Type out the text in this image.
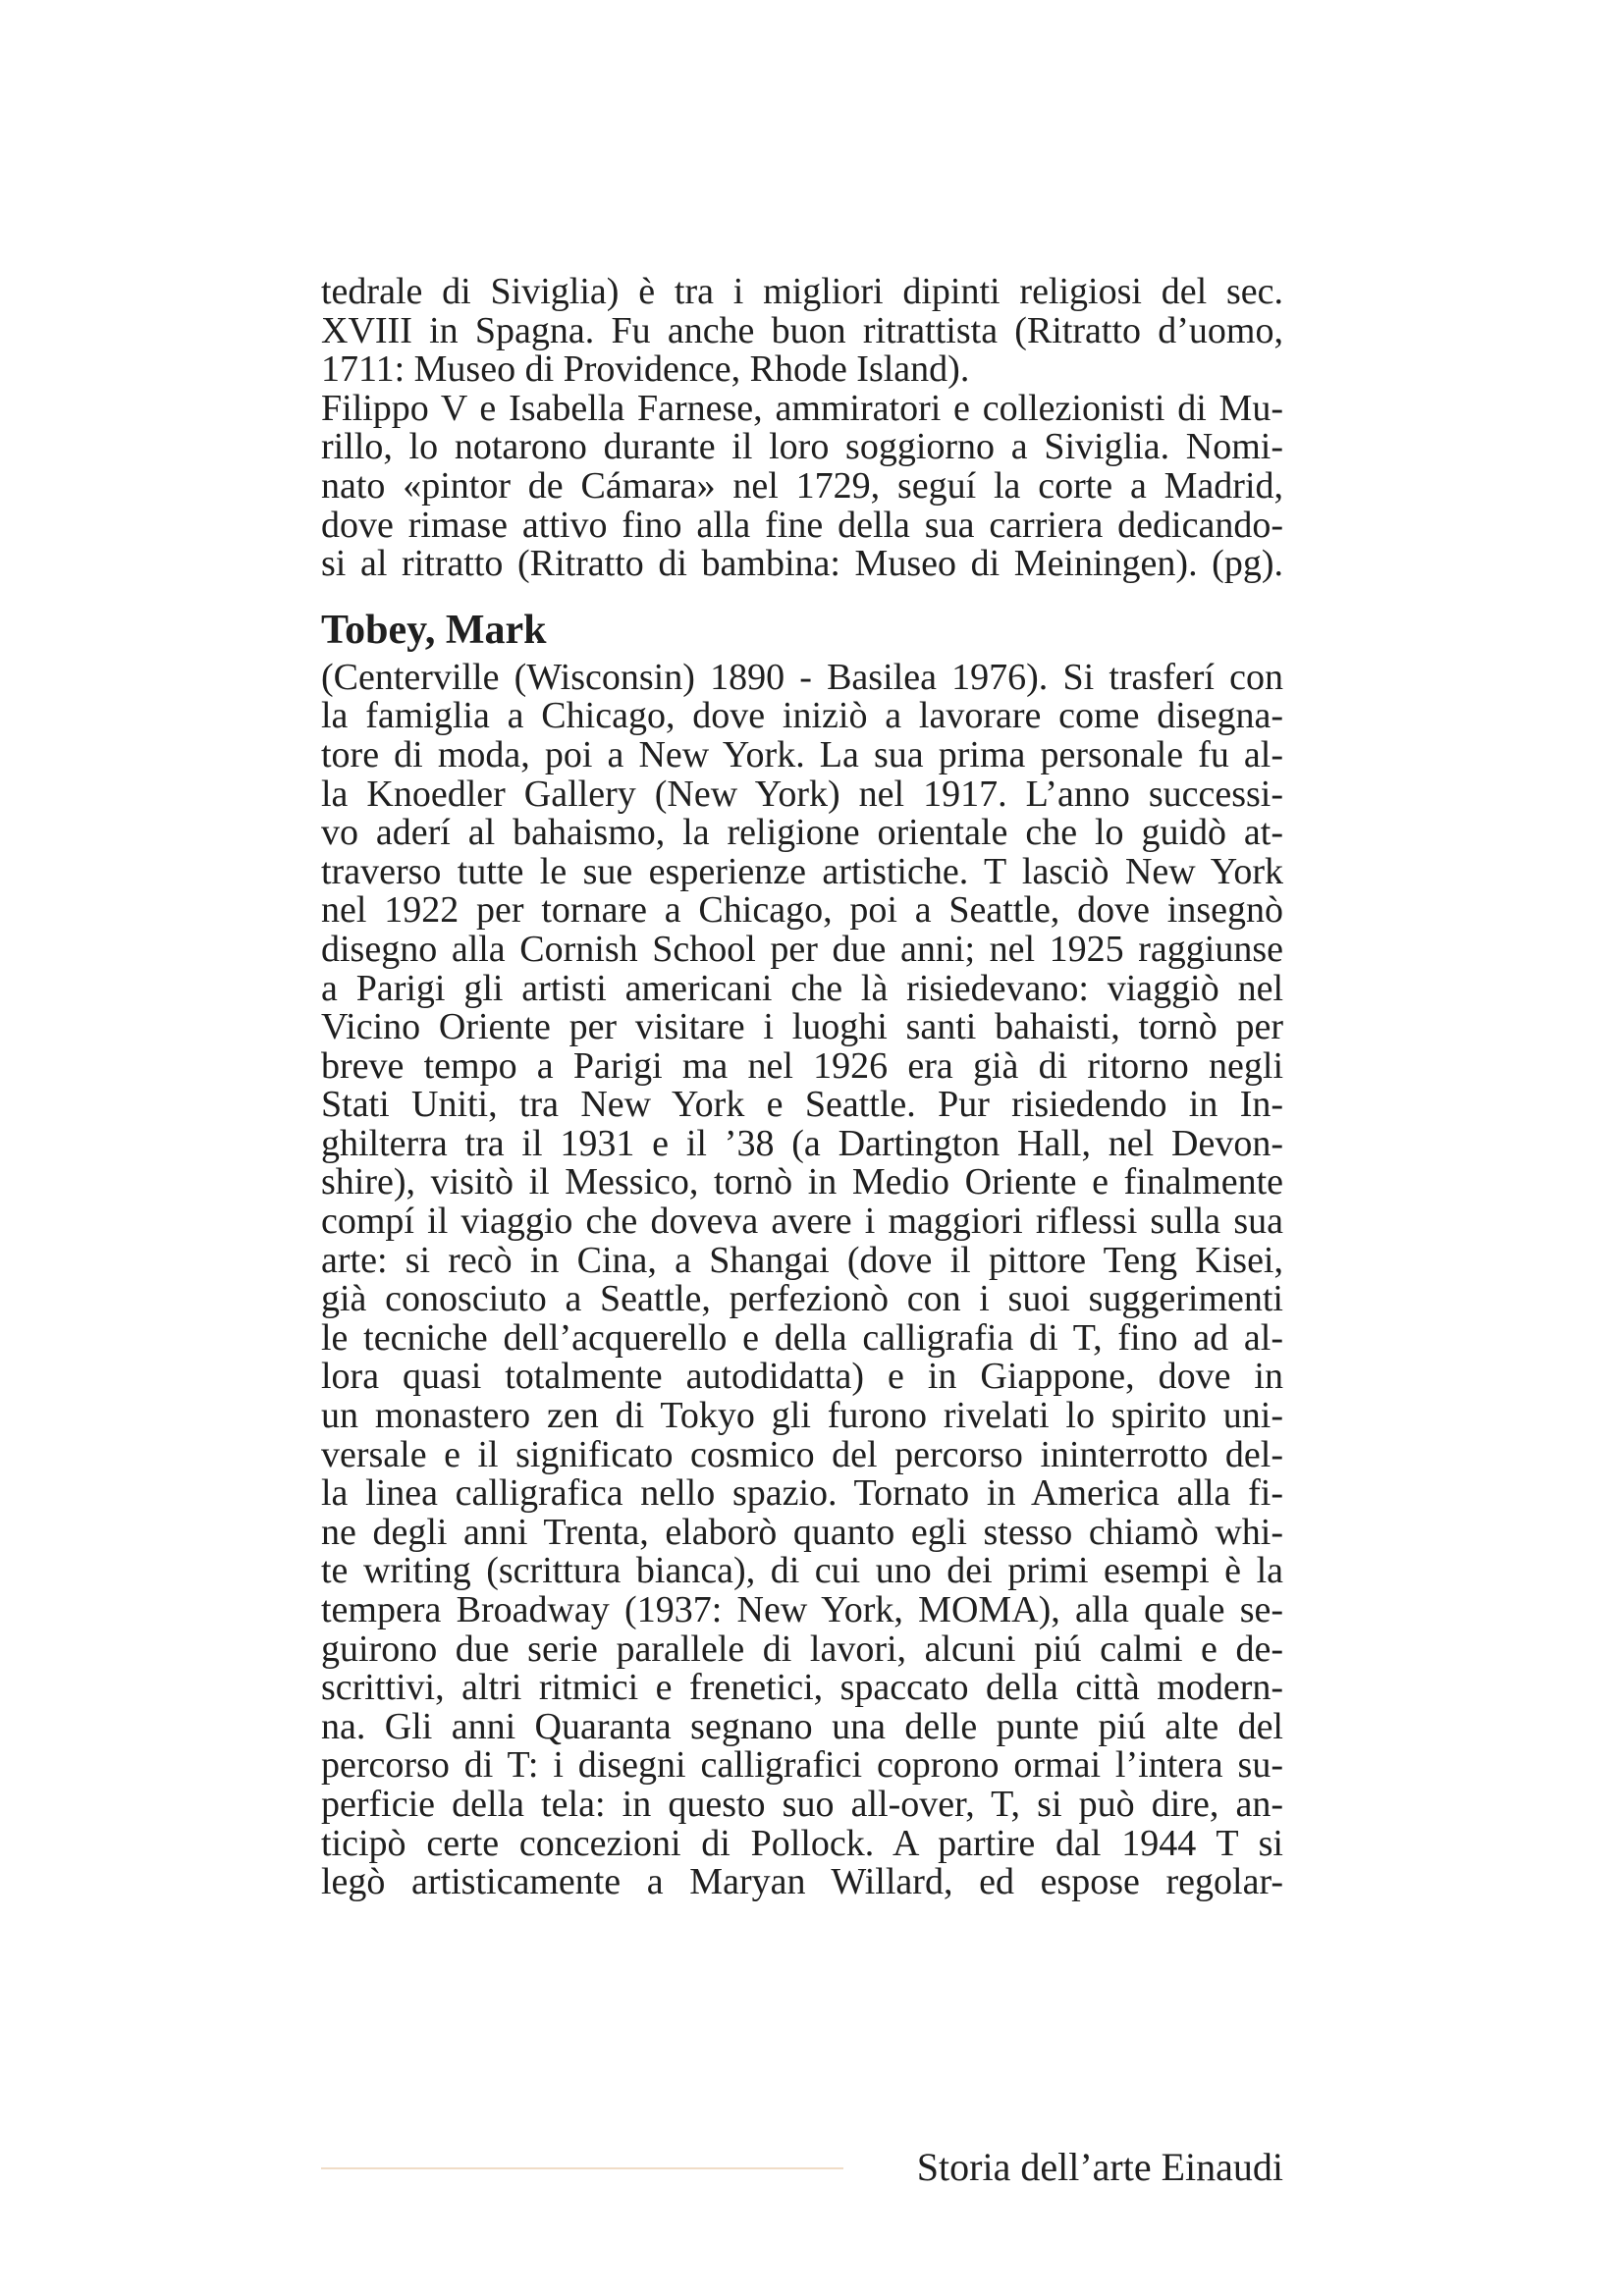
tedrale di Siviglia) è tra i migliori dipinti religiosi del sec.
XVIII in Spagna. Fu anche buon ritrattista (Ritratto d’uomo,
1711: Museo di Providence, Rhode Island).
Filippo V e Isabella Farnese, ammiratori e collezionisti di Mu-
rillo, lo notarono durante il loro soggiorno a Siviglia. Nomi-
nato «pintor de Cámara» nel 1729, seguí la corte a Madrid,
dove rimase attivo fino alla fine della sua carriera dedicando-
si al ritratto (Ritratto di bambina: Museo di Meiningen). (pg).
Tobey, Mark
(Centerville (Wisconsin) 1890 - Basilea 1976). Si trasferí con
la famiglia a Chicago, dove iniziò a lavorare come disegna-
tore di moda, poi a New York. La sua prima personale fu al-
la Knoedler Gallery (New York) nel 1917. L’anno successi-
vo aderí al bahaismo, la religione orientale che lo guidò at-
traverso tutte le sue esperienze artistiche. T lasciò New York
nel 1922 per tornare a Chicago, poi a Seattle, dove insegnò
disegno alla Cornish School per due anni; nel 1925 raggiunse
a Parigi gli artisti americani che là risiedevano: viaggiò nel
Vicino Oriente per visitare i luoghi santi bahaisti, tornò per
breve tempo a Parigi ma nel 1926 era già di ritorno negli
Stati Uniti, tra New York e Seattle. Pur risiedendo in In-
ghilterra tra il 1931 e il ’38 (a Dartington Hall, nel Devon-
shire), visitò il Messico, tornò in Medio Oriente e finalmente
compí il viaggio che doveva avere i maggiori riflessi sulla sua
arte: si recò in Cina, a Shangai (dove il pittore Teng Kisei,
già conosciuto a Seattle, perfezionò con i suoi suggerimenti
le tecniche dell’acquerello e della calligrafia di T, fino ad al-
lora quasi totalmente autodidatta) e in Giappone, dove in
un monastero zen di Tokyo gli furono rivelati lo spirito uni-
versale e il significato cosmico del percorso ininterrotto del-
la linea calligrafica nello spazio. Tornato in America alla fi-
ne degli anni Trenta, elaborò quanto egli stesso chiamò whi-
te writing (scrittura bianca), di cui uno dei primi esempi è la
tempera Broadway (1937: New York, MOMA), alla quale se-
guirono due serie parallele di lavori, alcuni piú calmi e de-
scrittivi, altri ritmici e frenetici, spaccato della città modern-
na. Gli anni Quaranta segnano una delle punte piú alte del
percorso di T: i disegni calligrafici coprono ormai l’intera su-
perficie della tela: in questo suo all-over, T, si può dire, an-
ticipò certe concezioni di Pollock. A partire dal 1944 T si
legò artisticamente a Maryan Willard, ed espose regolar-
Storia dell’arte Einaudi
